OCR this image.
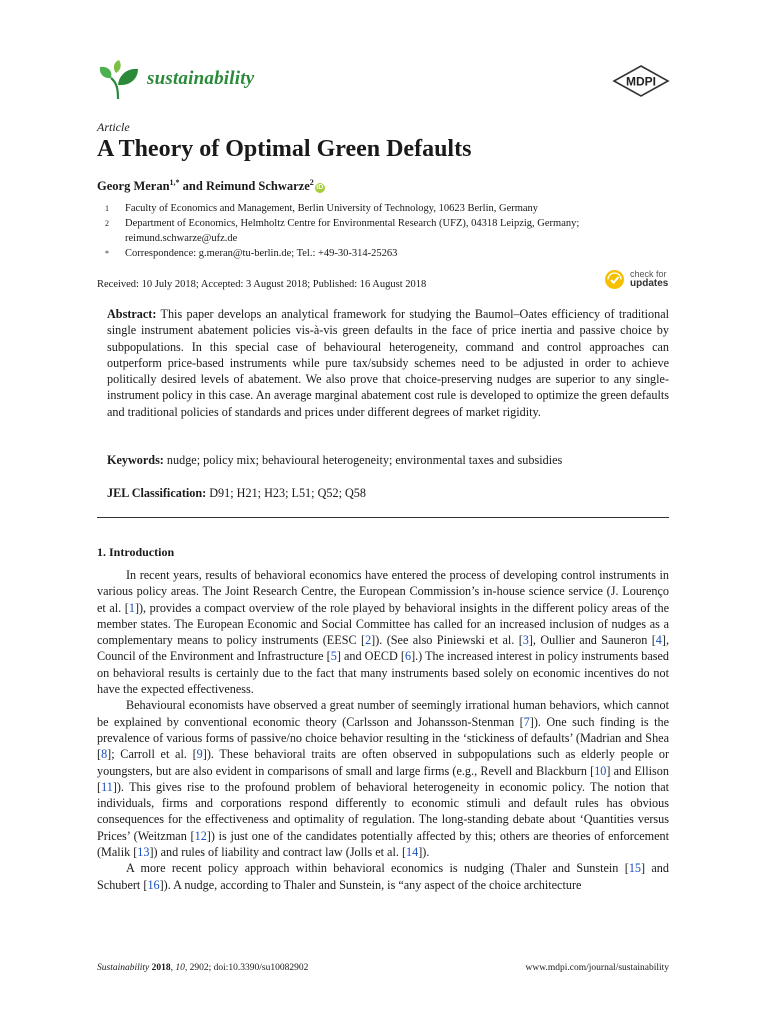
sustainability	MDPI
Article
A Theory of Optimal Green Defaults
Georg Meran$^{1,*}$ and Reimund Schwarze$^2$iD
1	Faculty of Economics and Management, Berlin University of Technology, 10623 Berlin, Germany
2	Department of Economics, Helmholtz Centre for Environmental Research (UFZ), 04318 Leipzig, Germany; reimund.schwarze@ufz.de
*	Correspondence: g.meran@tu-berlin.de; Tel.: +49-30-314-25263
Received: 10 July 2018; Accepted: 3 August 2018; Published: 16 August 2018
check for
updates

Abstract: This paper develops an analytical framework for studying the Baumol–Oates efficiency of traditional single instrument abatement policies vis-à-vis green defaults in the face of price inertia and passive choice by subpopulations. In this special case of behavioural heterogeneity, command and control approaches can outperform price-based instruments while pure tax/subsidy schemes need to be adjusted in order to achieve politically desired levels of abatement. We also prove that choice-preserving nudges are superior to any single-instrument policy in this case. An average marginal abatement cost rule is developed to optimize the green defaults and traditional policies of standards and prices under different degrees of market rigidity.

Keywords: nudge; policy mix; behavioural heterogeneity; environmental taxes and subsidies

JEL Classification: D91; H21; H23; L51; Q52; Q58

1. Introduction

In recent years, results of behavioral economics have entered the process of developing control instruments in various policy areas. The Joint Research Centre, the European Commission’s in-house science service (J. Lourenço et al. [1]), provides a compact overview of the role played by behavioral insights in the different policy areas of the member states. The European Economic and Social Committee has called for an increased inclusion of nudges as a complementary means to policy instruments (EESC [2]). (See also Piniewski et al. [3], Oullier and Sauneron [4], Council of the Environment and Infrastructure [5] and OECD [6].) The increased interest in policy instruments based on behavioral results is certainly due to the fact that many instruments based solely on economic incentives do not have the expected effectiveness.

Behavioural economists have observed a great number of seemingly irrational human behaviors, which cannot be explained by conventional economic theory (Carlsson and Johansson-Stenman [7]). One such finding is the prevalence of various forms of passive/no choice behavior resulting in the ‘stickiness of defaults’ (Madrian and Shea [8]; Carroll et al. [9]). These behavioral traits are often observed in subpopulations such as elderly people or youngsters, but are also evident in comparisons of small and large firms (e.g., Revell and Blackburn [10] and Ellison [11]). This gives rise to the profound problem of behavioral heterogeneity in economic policy. The notion that individuals, firms and corporations respond differently to economic stimuli and default rules has obvious consequences for the effectiveness and optimality of regulation. The long-standing debate about ‘Quantities versus Prices’ (Weitzman [12]) is just one of the candidates potentially affected by this; others are theories of enforcement (Malik [13]) and rules of liability and contract law (Jolls et al. [14]).

A more recent policy approach within behavioral economics is nudging (Thaler and Sunstein [15] and Schubert [16]). A nudge, according to Thaler and Sunstein, is “any aspect of the choice architecture

Sustainability 2018, 10, 2902; doi:10.3390/su10082902	www.mdpi.com/journal/sustainability
